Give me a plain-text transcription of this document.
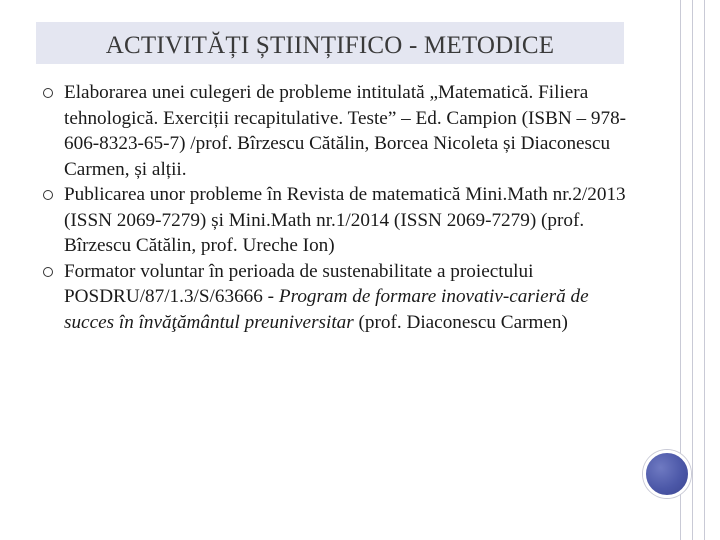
ACTIVITĂȚI ȘTIINȚIFICO - METODICE

Elaborarea unei culegeri de probleme intitulată „Matematică. Filiera tehnologică. Exerciții recapitulative. Teste” – Ed. Campion (ISBN – 978-606-8323-65-7) /prof. Bîrzescu Cătălin, Borcea Nicoleta și Diaconescu Carmen, și alții.

Publicarea unor probleme în Revista de matematică Mini.Math nr.2/2013 (ISSN 2069-7279) și Mini.Math nr.1/2014 (ISSN 2069-7279) (prof. Bîrzescu Cătălin, prof. Ureche Ion)

Formator voluntar în perioada de sustenabilitate a proiectului POSDRU/87/1.3/S/63666 - Program de formare inovativ-carieră de succes în învăţământul preuniversitar (prof. Diaconescu Carmen)
